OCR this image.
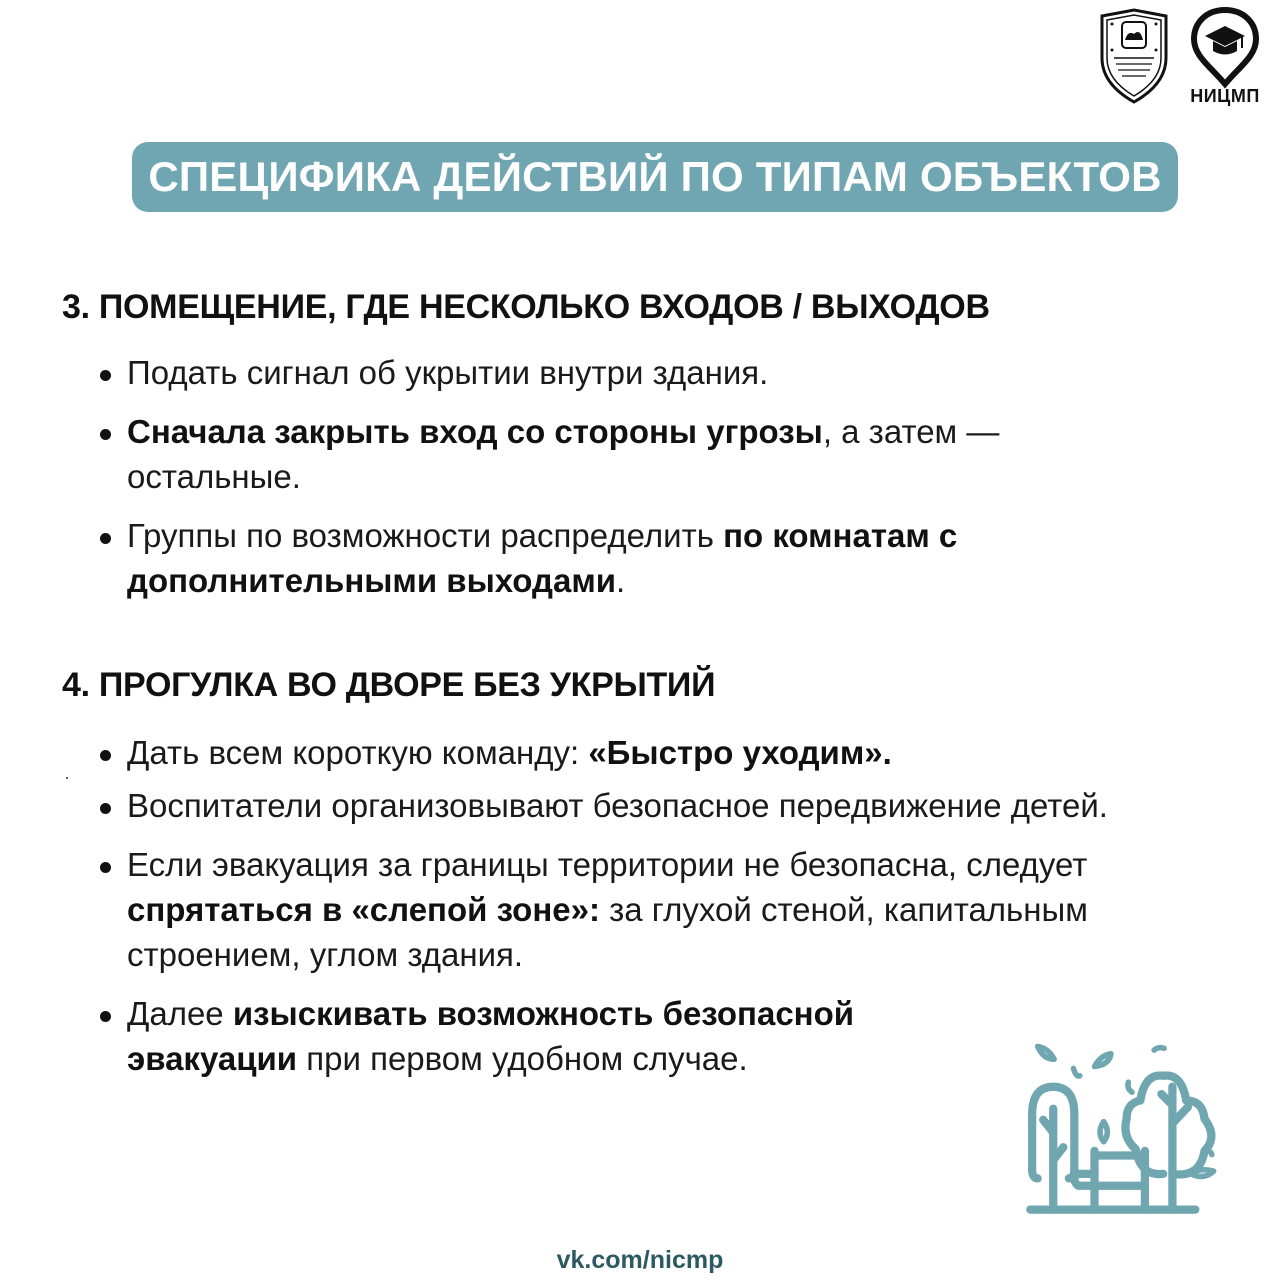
НИЦМП
СПЕЦИФИКА ДЕЙСТВИЙ ПО ТИПАМ ОБЪЕКТОВ
3. ПОМЕЩЕНИЕ, ГДЕ НЕСКОЛЬКО ВХОДОВ / ВЫХОДОВ
Подать сигнал об укрытии внутри здания.
Сначала закрыть вход со стороны угрозы, а затем — остальные.
Группы по возможности распределить по комнатам с дополнительными выходами.
4. ПРОГУЛКА ВО ДВОРЕ БЕЗ УКРЫТИЙ
Дать всем короткую команду: «Быстро уходим».
Воспитатели организовывают безопасное передвижение детей.
Если эвакуация за границы территории не безопасна, следует спрятаться в «слепой зоне»: за глухой стеной, капитальным строением, углом здания.
Далее изыскивать возможность безопасной эвакуации при первом удобном случае.
vk.com/nicmp
